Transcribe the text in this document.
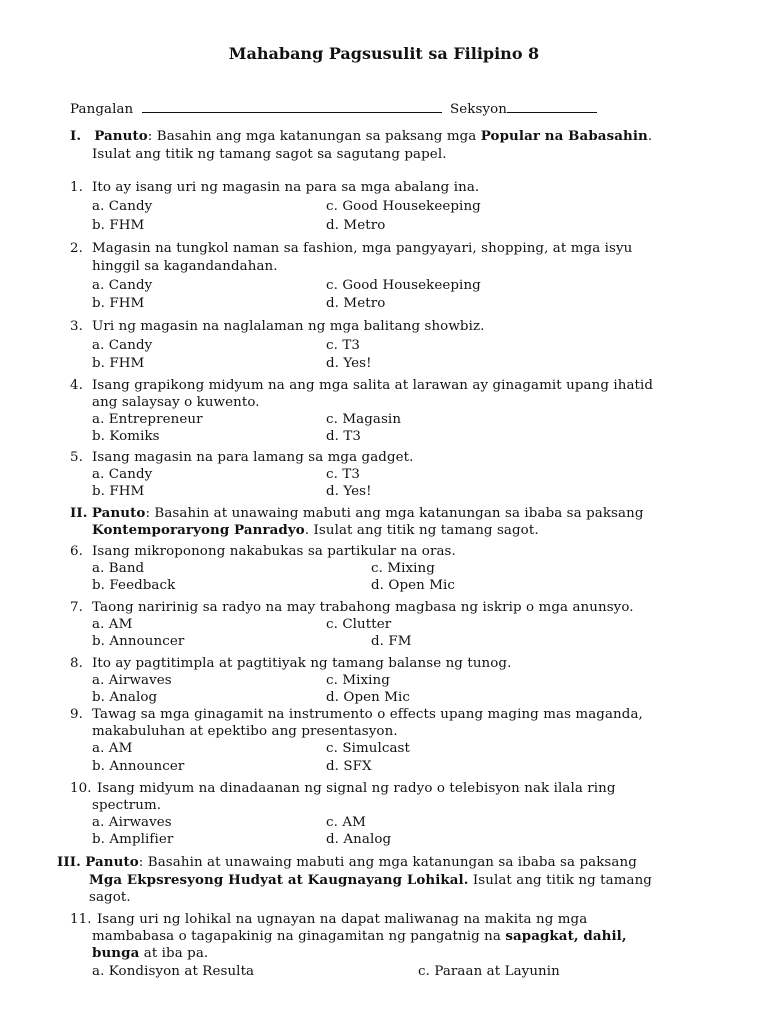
Mahabang Pagsusulit sa Filipino 8
Pangalan	Seksyon
I. Panuto: Basahin ang mga katanungan sa paksang mga Popular na Babasahin.
Isulat ang titik ng tamang sagot sa sagutang papel.
1. Ito ay isang uri ng magasin na para sa mga abalang ina.
a. Candy	c. Good Housekeeping
b. FHM	d. Metro
2. Magasin na tungkol naman sa fashion, mga pangyayari, shopping, at mga isyu
hinggil sa kagandandahan.
a. Candy	c. Good Housekeeping
b. FHM	d. Metro
3. Uri ng magasin na naglalaman ng mga balitang showbiz.
a. Candy	c. T3
b. FHM	d. Yes!
4. Isang grapikong midyum na ang mga salita at larawan ay ginagamit upang ihatid
ang salaysay o kuwento.
a. Entrepreneur	c. Magasin
b. Komiks	d. T3
5. Isang magasin na para lamang sa mga gadget.
a. Candy	c. T3
b. FHM	d. Yes!
II. Panuto: Basahin at unawaing mabuti ang mga katanungan sa ibaba sa paksang
Kontemporaryong Panradyo. Isulat ang titik ng tamang sagot.
6. Isang mikroponong nakabukas sa partikular na oras.
a. Band	c. Mixing
b. Feedback	d. Open Mic
7. Taong naririnig sa radyo na may trabahong magbasa ng iskrip o mga anunsyo.
a. AM	c. Clutter
b. Announcer	d. FM
8. Ito ay pagtitimpla at pagtitiyak ng tamang balanse ng tunog.
a. Airwaves	c. Mixing
b. Analog	d. Open Mic
9. Tawag sa mga ginagamit na instrumento o effects upang maging mas maganda,
makabuluhan at epektibo ang presentasyon.
a. AM	c. Simulcast
b. Announcer	d. SFX
10. Isang midyum na dinadaanan ng signal ng radyo o telebisyon nak ilala ring
spectrum.
a. Airwaves	c. AM
b. Amplifier	d. Analog
III. Panuto: Basahin at unawaing mabuti ang mga katanungan sa ibaba sa paksang
Mga Ekpsresyong Hudyat at Kaugnayang Lohikal. Isulat ang titik ng tamang
sagot.
11. Isang uri ng lohikal na ugnayan na dapat maliwanag na makita ng mga
mambabasa o tagapakinig na ginagamitan ng pangatnig na sapagkat, dahil,
bunga at iba pa.
a. Kondisyon at Resulta	c. Paraan at Layunin
